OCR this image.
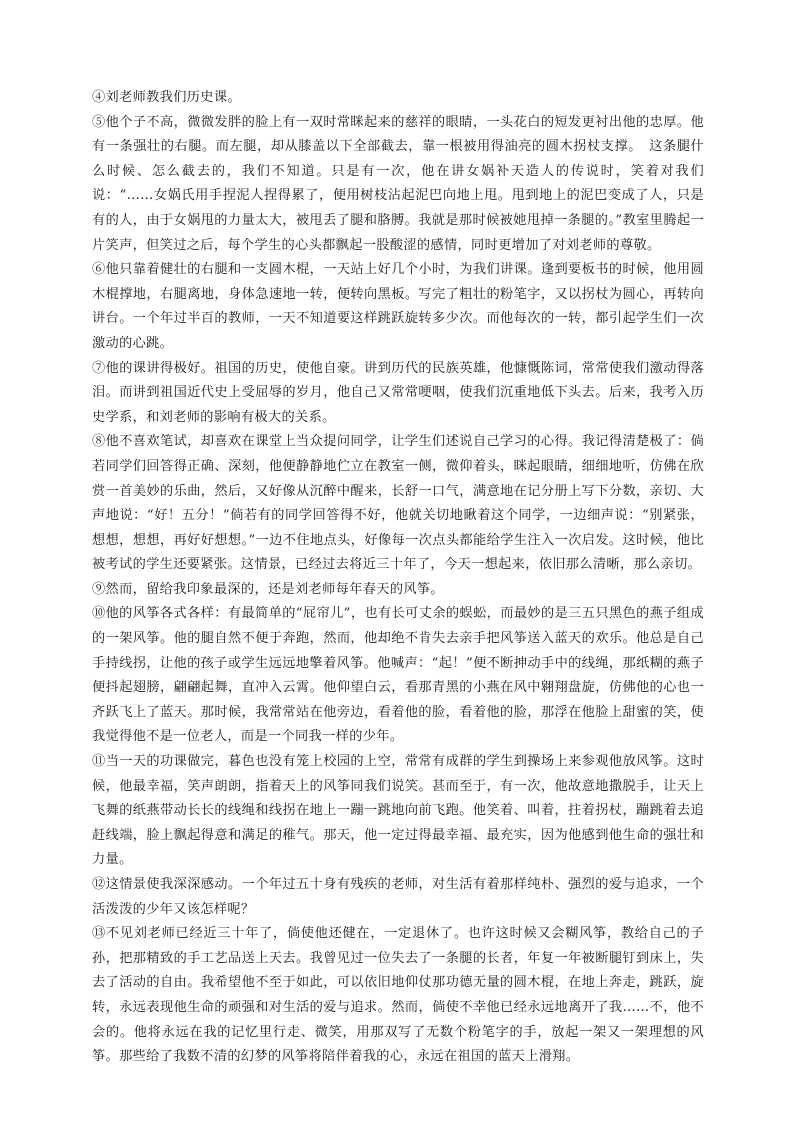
④刘老师教我们历史课。

⑤他个子不高，微微发胖的脸上有一双时常眯起来的慈祥的眼睛，一头花白的短发更衬出他的忠厚。他有一条强壮的右腿。而左腿，却从膝盖以下全部截去，靠一根被用得油亮的圆木拐杖支撑。　这条腿什么时候、怎么截去的，我们不知道。只是有一次，他在讲女娲补天造人的传说时，笑着对我们说：“……女娲氏用手捏泥人捏得累了，便用树枝沾起泥巴向地上甩。甩到地上的泥巴变成了人，只是有的人，由于女娲甩的力量太大，被甩丢了腿和胳膊。我就是那时候被她甩掉一条腿的。”教室里腾起一片笑声，但笑过之后，每个学生的心头都飘起一股酸涩的感情，同时更增加了对刘老师的尊敬。

⑥他只靠着健壮的右腿和一支圆木棍，一天站上好几个小时，为我们讲课。逢到要板书的时候，他用圆木棍撑地，右腿离地，身体急速地一转，便转向黑板。写完了粗壮的粉笔字，又以拐杖为圆心，再转向讲台。一个年过半百的教师，一天不知道要这样跳跃旋转多少次。而他每次的一转，都引起学生们一次激动的心跳。

⑦他的课讲得极好。祖国的历史，使他自豪。讲到历代的民族英雄，他慷慨陈词，常常使我们激动得落泪。而讲到祖国近代史上受屈辱的岁月，他自己又常常哽咽，使我们沉重地低下头去。后来，我考入历史学系，和刘老师的影响有极大的关系。

⑧他不喜欢笔试，却喜欢在课堂上当众提问同学，让学生们述说自己学习的心得。我记得清楚极了：倘若同学们回答得正确、深刻，他便静静地伫立在教室一侧，微仰着头，眯起眼睛，细细地听，仿佛在欣赏一首美妙的乐曲，然后，又好像从沉醉中醒来，长舒一口气，满意地在记分册上写下分数，亲切、大声地说：“好！五分！”倘若有的同学回答得不好，他就关切地瞅着这个同学，一边细声说：“别紧张，想想，想想，再好好想想。”一边不住地点头，好像每一次点头都能给学生注入一次启发。这时候，他比被考试的学生还要紧张。这情景，已经过去将近三十年了，今天一想起来，依旧那么清晰，那么亲切。

⑨然而，留给我印象最深的，还是刘老师每年春天的风筝。

⑩他的风筝各式各样：有最简单的“屁帘儿”，也有长可丈余的蜈蚣，而最妙的是三五只黑色的燕子组成的一架风筝。他的腿自然不便于奔跑，然而，他却绝不肯失去亲手把风筝送入蓝天的欢乐。他总是自己手持线拐，让他的孩子或学生远远地擎着风筝。他喊声：“起！”便不断抻动手中的线绳，那纸糊的燕子便抖起翅膀，翩翩起舞，直冲入云霄。他仰望白云，看那青黑的小燕在风中翱翔盘旋，仿佛他的心也一齐跃飞上了蓝天。那时候，我常常站在他旁边，看着他的脸，看着他的脸，那浮在他脸上甜蜜的笑，使我觉得他不是一位老人，而是一个同我一样的少年。

⑪当一天的功课做完，暮色也没有笼上校园的上空，常常有成群的学生到操场上来参观他放风筝。这时候，他最幸福，笑声朗朗，指着天上的风筝同我们说笑。甚而至于，有一次，他故意地撒脱手，让天上飞舞的纸燕带动长长的线绳和线拐在地上一蹦一跳地向前飞跑。他笑着、叫着，拄着拐杖，蹦跳着去追赶线端，脸上飘起得意和满足的稚气。那天，他一定过得最幸福、最充实，因为他感到他生命的强壮和力量。

⑫这情景使我深深感动。一个年过五十身有残疾的老师，对生活有着那样纯朴、强烈的爱与追求，一个活泼泼的少年又该怎样呢？

⑬不见刘老师已经近三十年了，倘使他还健在，一定退休了。也许这时候又会糊风筝，教给自己的子孙，把那精致的手工艺品送上天去。我曾见过一位失去了一条腿的长者，年复一年被断腿钉到床上，失去了活动的自由。我希望他不至于如此，可以依旧地仰仗那功德无量的圆木棍，在地上奔走，跳跃，旋转，永远表现他生命的顽强和对生活的爱与追求。然而，倘使不幸他已经永远地离开了我……不，他不会的。他将永远在我的记忆里行走、微笑，用那双写了无数个粉笔字的手，放起一架又一架理想的风筝。那些给了我数不清的幻梦的风筝将陪伴着我的心，永远在祖国的蓝天上滑翔。
